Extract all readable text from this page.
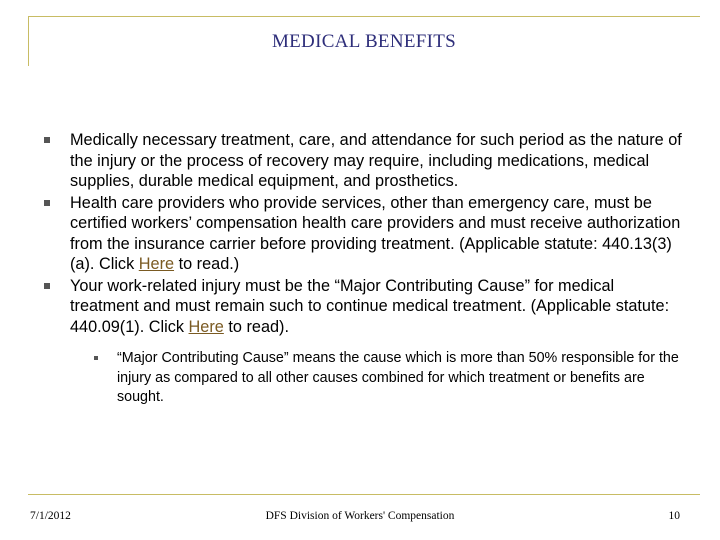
MEDICAL BENEFITS
Medically necessary treatment, care, and attendance for such period as the nature of the injury or the process of recovery may require, including medications, medical supplies, durable medical equipment, and prosthetics.
Health care providers who provide services, other than emergency care, must be certified workers’ compensation health care providers and must receive authorization from the insurance carrier before providing treatment. (Applicable statute: 440.13(3)(a). Click Here to read.)
Your work-related injury must be the “Major Contributing Cause” for medical treatment and must remain such to continue medical treatment. (Applicable statute: 440.09(1). Click Here to read).
“Major Contributing Cause” means the cause which is more than 50% responsible for the injury as compared to all other causes combined for which treatment or benefits are sought.
7/1/2012	DFS Division of Workers' Compensation	10
